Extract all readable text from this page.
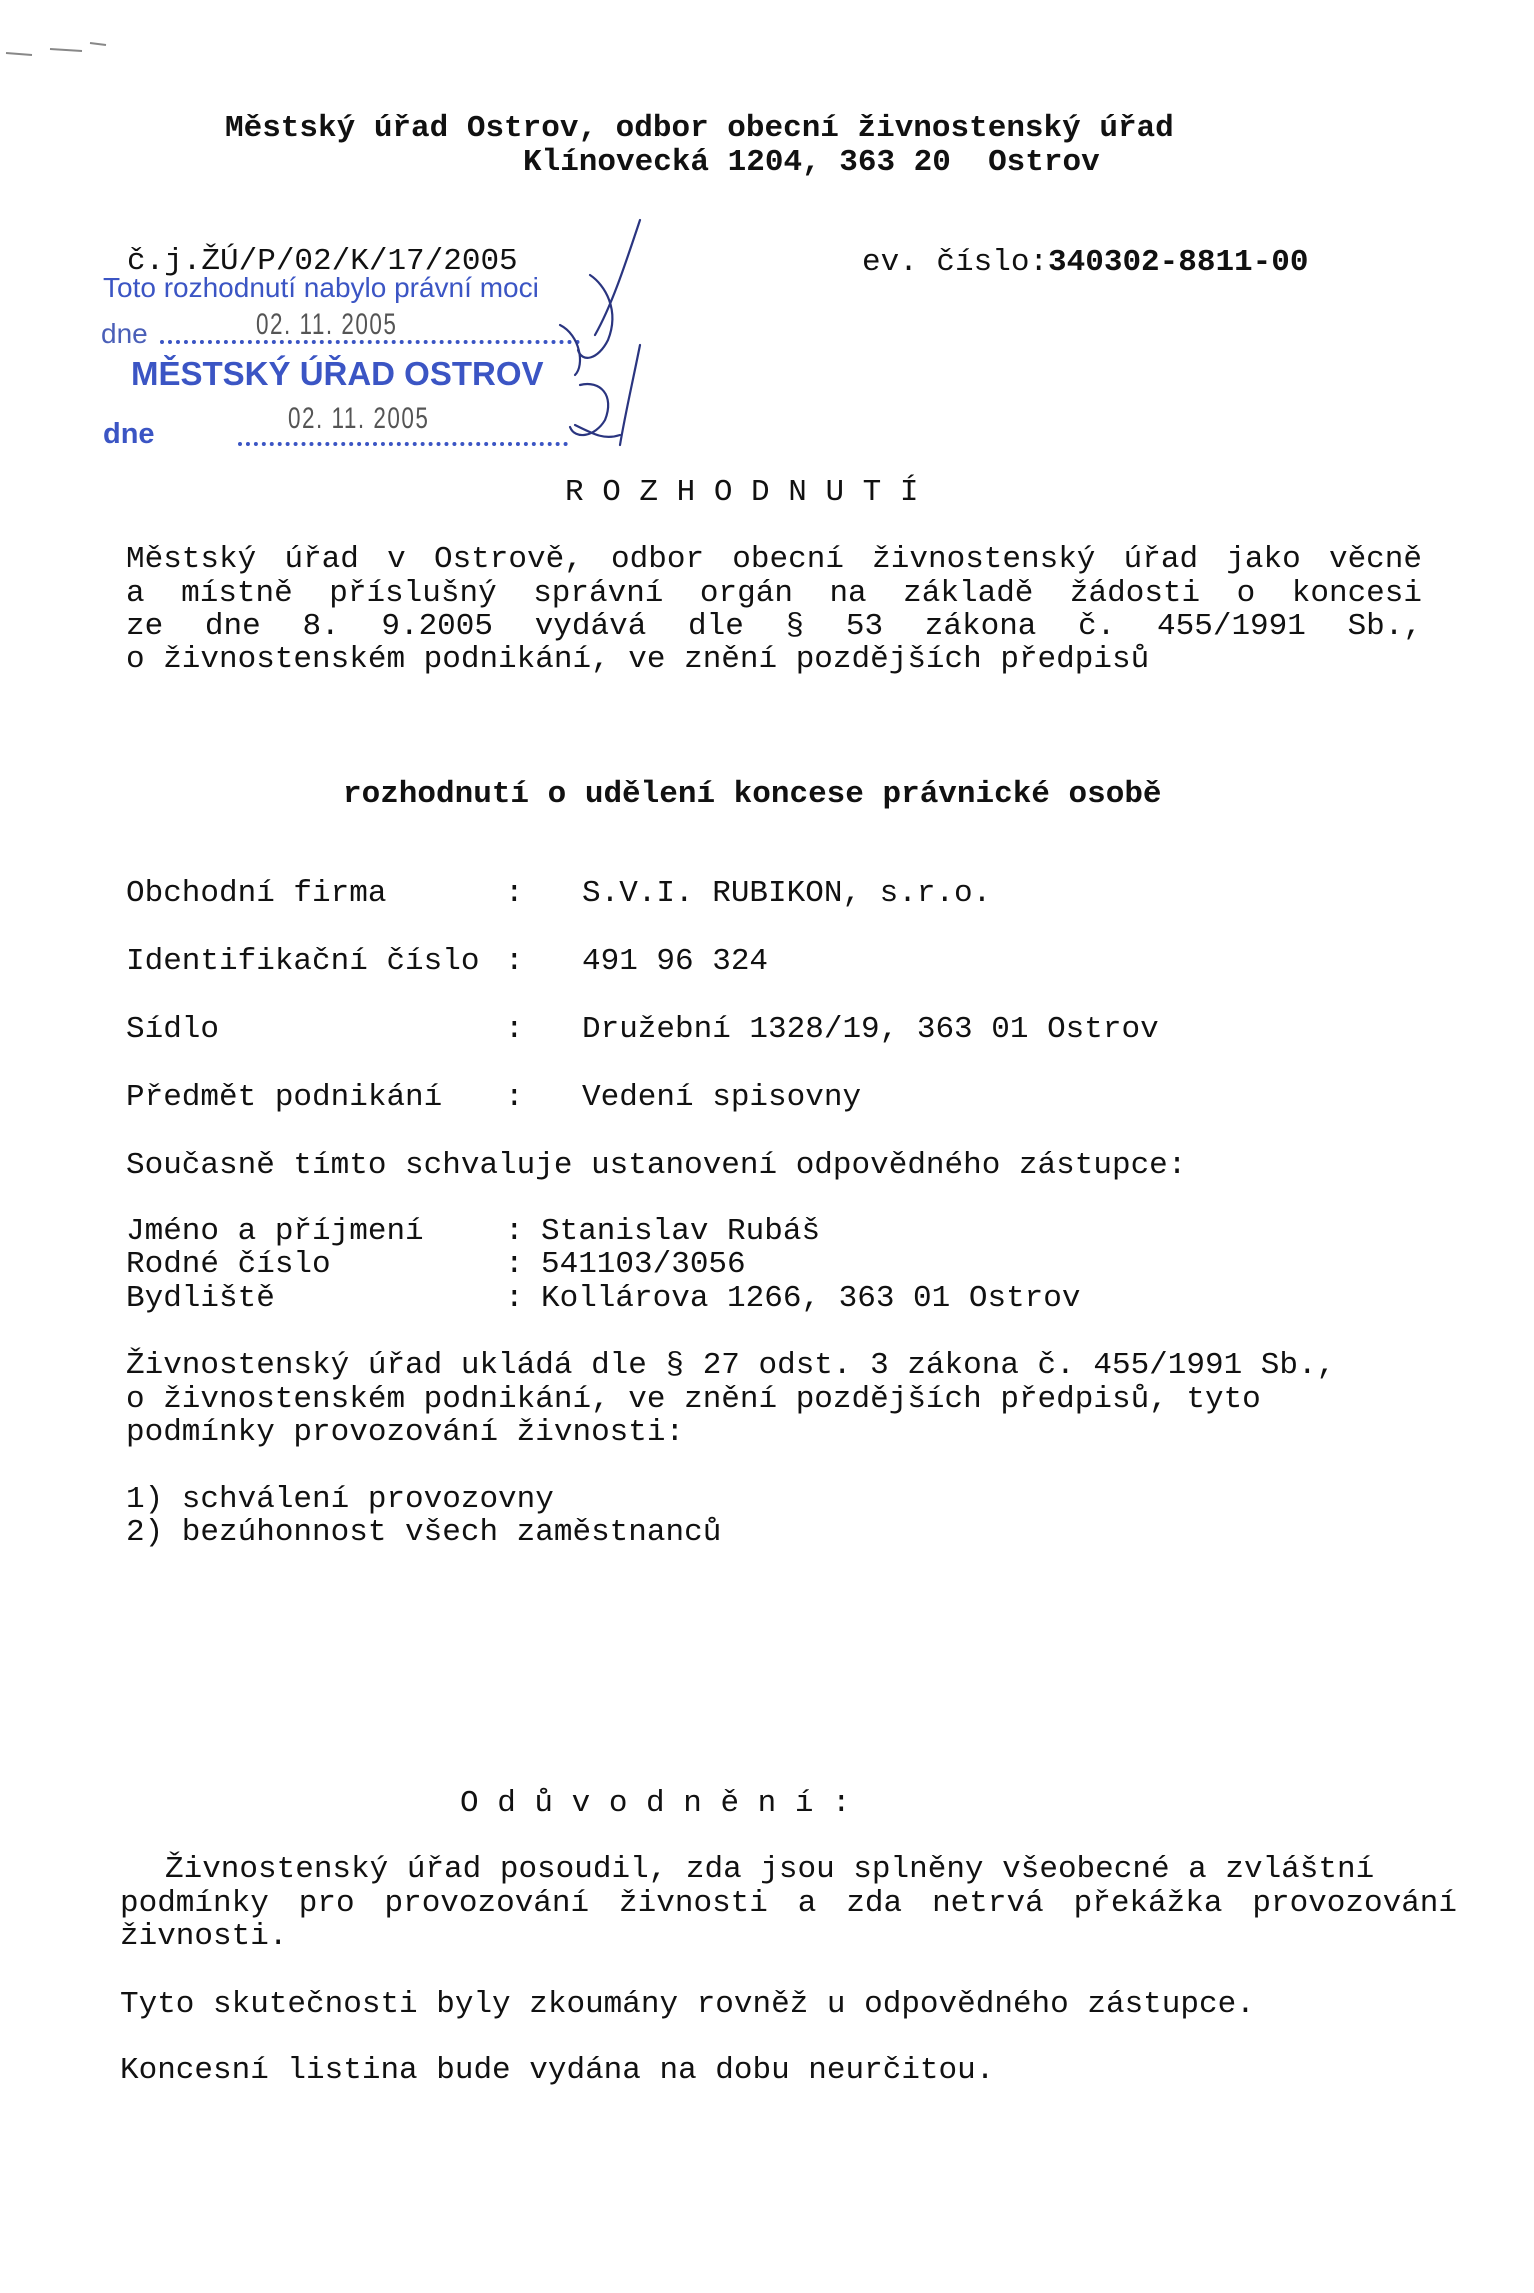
Městský úřad Ostrov, odbor obecní živnostenský úřad
Klínovecká 1204, 363 20  Ostrov
č.j.ŽÚ/P/02/K/17/2005	ev. číslo:340302-8811-00
Toto rozhodnutí nabylo právní moci
dne	02. 11. 2005
MĚSTSKÝ ÚŘAD OSTROV
dne	02. 11. 2005
R O Z H O D N U T Í
Městský úřad v Ostrově, odbor obecní živnostenský úřad jako věcně
a místně příslušný správní orgán na základě žádosti o koncesi
ze dne 8. 9.2005 vydává dle § 53 zákona č. 455/1991 Sb.,
o živnostenském podnikání, ve znění pozdějších předpisů
rozhodnutí o udělení koncese právnické osobě
Obchodní firma	: S.V.I. RUBIKON, s.r.o.
Identifikační číslo : 491 96 324
Sídlo	: Družební 1328/19, 363 01 Ostrov
Předmět podnikání : Vedení spisovny
Současně tímto schvaluje ustanovení odpovědného zástupce:
Jméno a příjmení	: Stanislav Rubáš
Rodné číslo	: 541103/3056
Bydliště	: Kollárova 1266, 363 01 Ostrov
Živnostenský úřad ukládá dle § 27 odst. 3 zákona č. 455/1991 Sb.,
o živnostenském podnikání, ve znění pozdějších předpisů, tyto
podmínky provozování živnosti:
1) schválení provozovny
2) bezúhonnost všech zaměstnanců
O d ů v o d n ě n í :
Živnostenský úřad posoudil, zda jsou splněny všeobecné a zvláštní
podmínky pro provozování živnosti a zda netrvá překážka provozování
živnosti.
Tyto skutečnosti byly zkoumány rovněž u odpovědného zástupce.
Koncesní listina bude vydána na dobu neurčitou.
